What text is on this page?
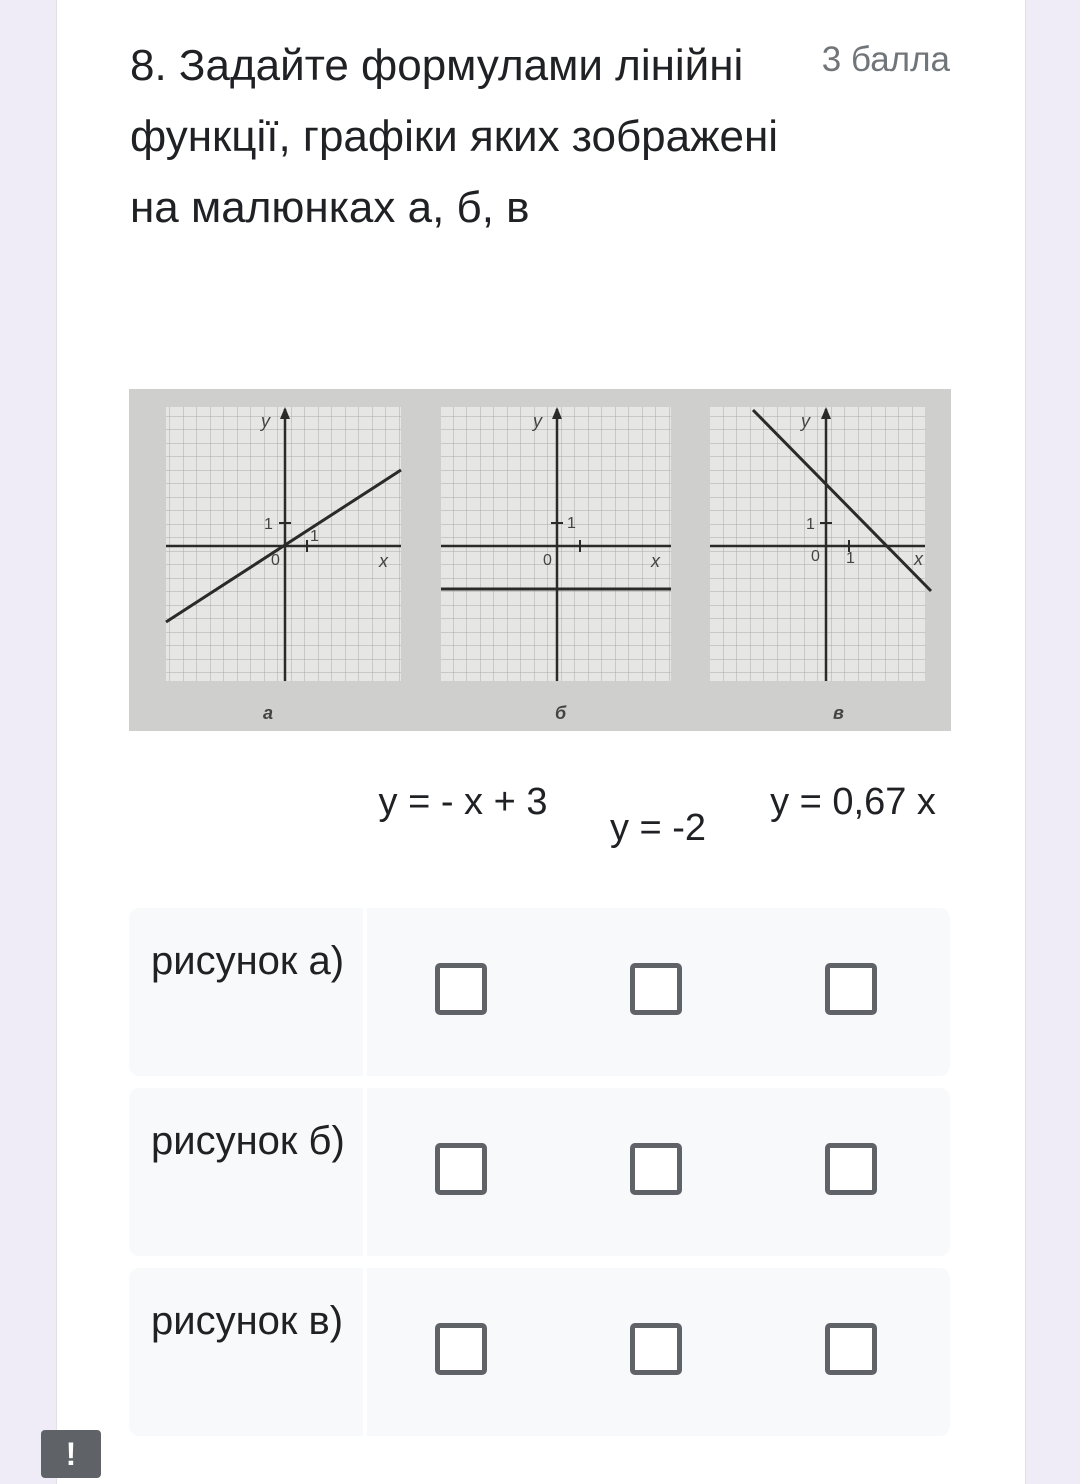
8. Задайте формулами лінійні функції, графіки яких зображені на малюнках а, б, в
3 балла
y
x
1
1
0
а
y
x
1
0
б
y
x
1
1
0
в
y = - x + 3
y = -2
y = 0,67 x
рисунок а)
рисунок б)
рисунок в)
!
